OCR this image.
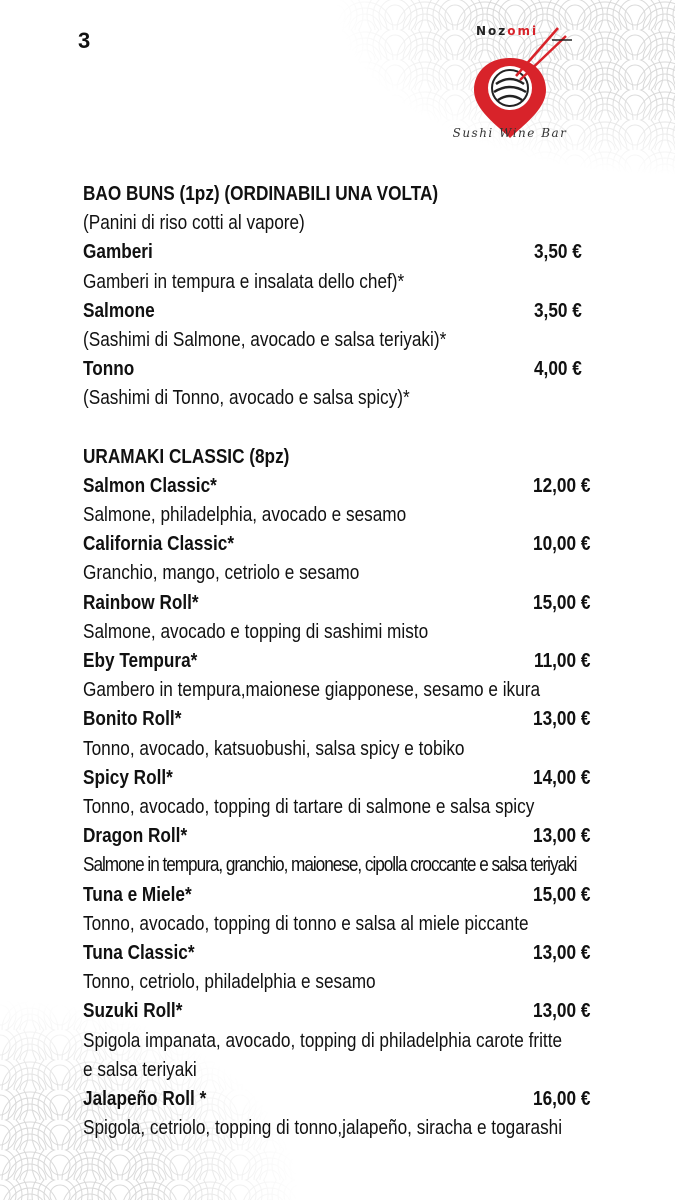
3	Nozomi
Sushi Wine Bar
BAO BUNS (1pz) (ORDINABILI UNA VOLTA)
(Panini di riso cotti al vapore)
Gamberi	3,50 €
Gamberi in tempura e insalata dello chef)*
Salmone	3,50 €
(Sashimi di Salmone, avocado e salsa teriyaki)*
Tonno	4,00 €
(Sashimi di Tonno, avocado e salsa spicy)*
URAMAKI CLASSIC (8pz)
Salmon Classic*	12,00 €
Salmone, philadelphia, avocado e sesamo
California Classic*	10,00 €
Granchio, mango, cetriolo e sesamo
Rainbow Roll*	15,00 €
Salmone, avocado e topping di sashimi misto
Eby Tempura*	11,00 €
Gambero in tempura,maionese giapponese, sesamo e ikura
Bonito Roll*	13,00 €
Tonno, avocado, katsuobushi, salsa spicy e tobiko
Spicy Roll*	14,00 €
Tonno, avocado, topping di tartare di salmone e salsa spicy
Dragon Roll*	13,00 €
Salmone in tempura, granchio, maionese, cipolla croccante e salsa teriyaki
Tuna e Miele*	15,00 €
Tonno, avocado, topping di tonno e salsa al miele piccante
Tuna Classic*	13,00 €
Tonno, cetriolo, philadelphia e sesamo
Suzuki Roll*	13,00 €
Spigola impanata, avocado, topping di philadelphia carote fritte
e salsa teriyaki
Jalapeño Roll *	16,00 €
Spigola, cetriolo, topping di tonno,jalapeño, siracha e togarashi
